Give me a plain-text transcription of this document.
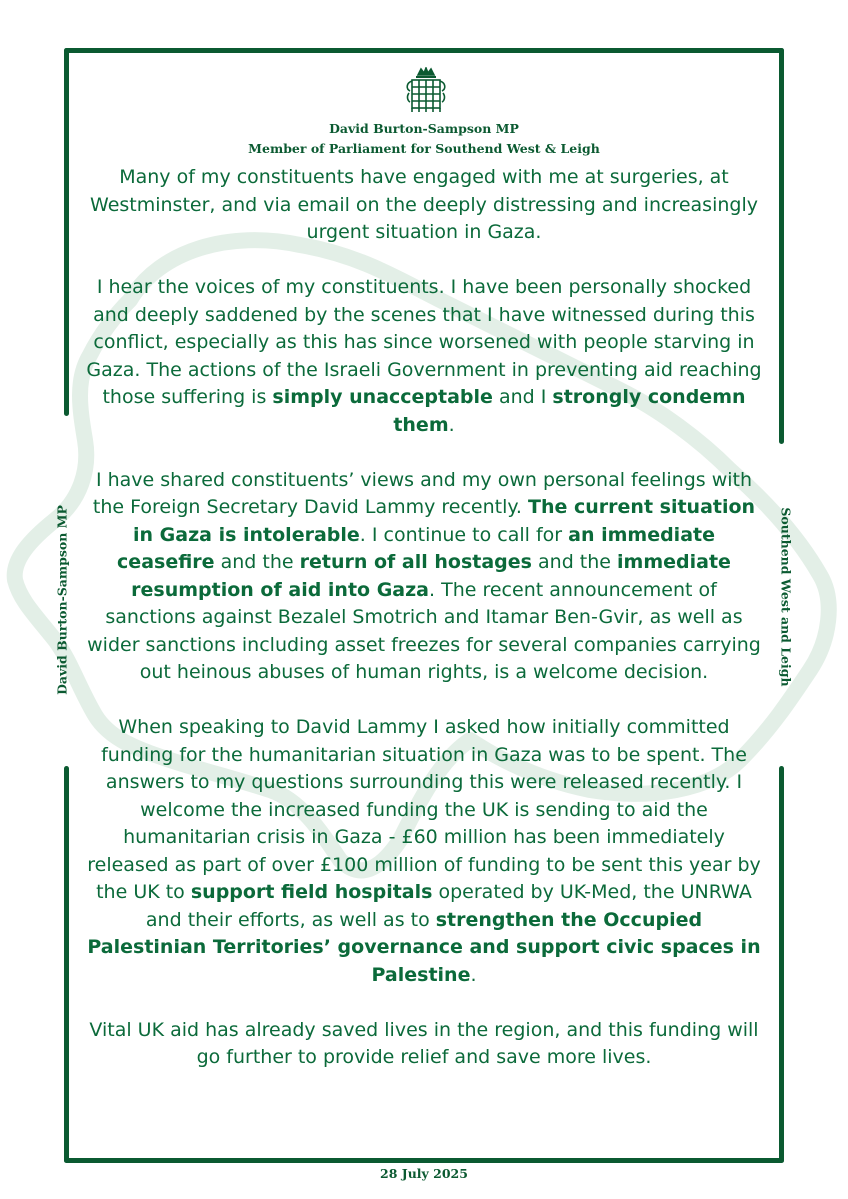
David Burton-Sampson MP
Member of Parliament for Southend West & Leigh
David Burton-Sampson MP	Southend West and Leigh

Many of my constituents have engaged with me at surgeries, at Westminster, and via email on the deeply distressing and increasingly urgent situation in Gaza.

I hear the voices of my constituents. I have been personally shocked and deeply saddened by the scenes that I have witnessed during this conflict, especially as this has since worsened with people starving in Gaza. The actions of the Israeli Government in preventing aid reaching those suffering is simply unacceptable and I strongly condemn them.

I have shared constituents’ views and my own personal feelings with the Foreign Secretary David Lammy recently. The current situation in Gaza is intolerable. I continue to call for an immediate ceasefire and the return of all hostages and the immediate resumption of aid into Gaza. The recent announcement of sanctions against Bezalel Smotrich and Itamar Ben-Gvir, as well as wider sanctions including asset freezes for several companies carrying out heinous abuses of human rights, is a welcome decision.

When speaking to David Lammy I asked how initially committed funding for the humanitarian situation in Gaza was to be spent. The answers to my questions surrounding this were released recently. I welcome the increased funding the UK is sending to aid the humanitarian crisis in Gaza - £60 million has been immediately released as part of over £100 million of funding to be sent this year by the UK to support field hospitals operated by UK-Med, the UNRWA and their efforts, as well as to strengthen the Occupied Palestinian Territories’ governance and support civic spaces in Palestine.

Vital UK aid has already saved lives in the region, and this funding will go further to provide relief and save more lives.

28 July 2025
